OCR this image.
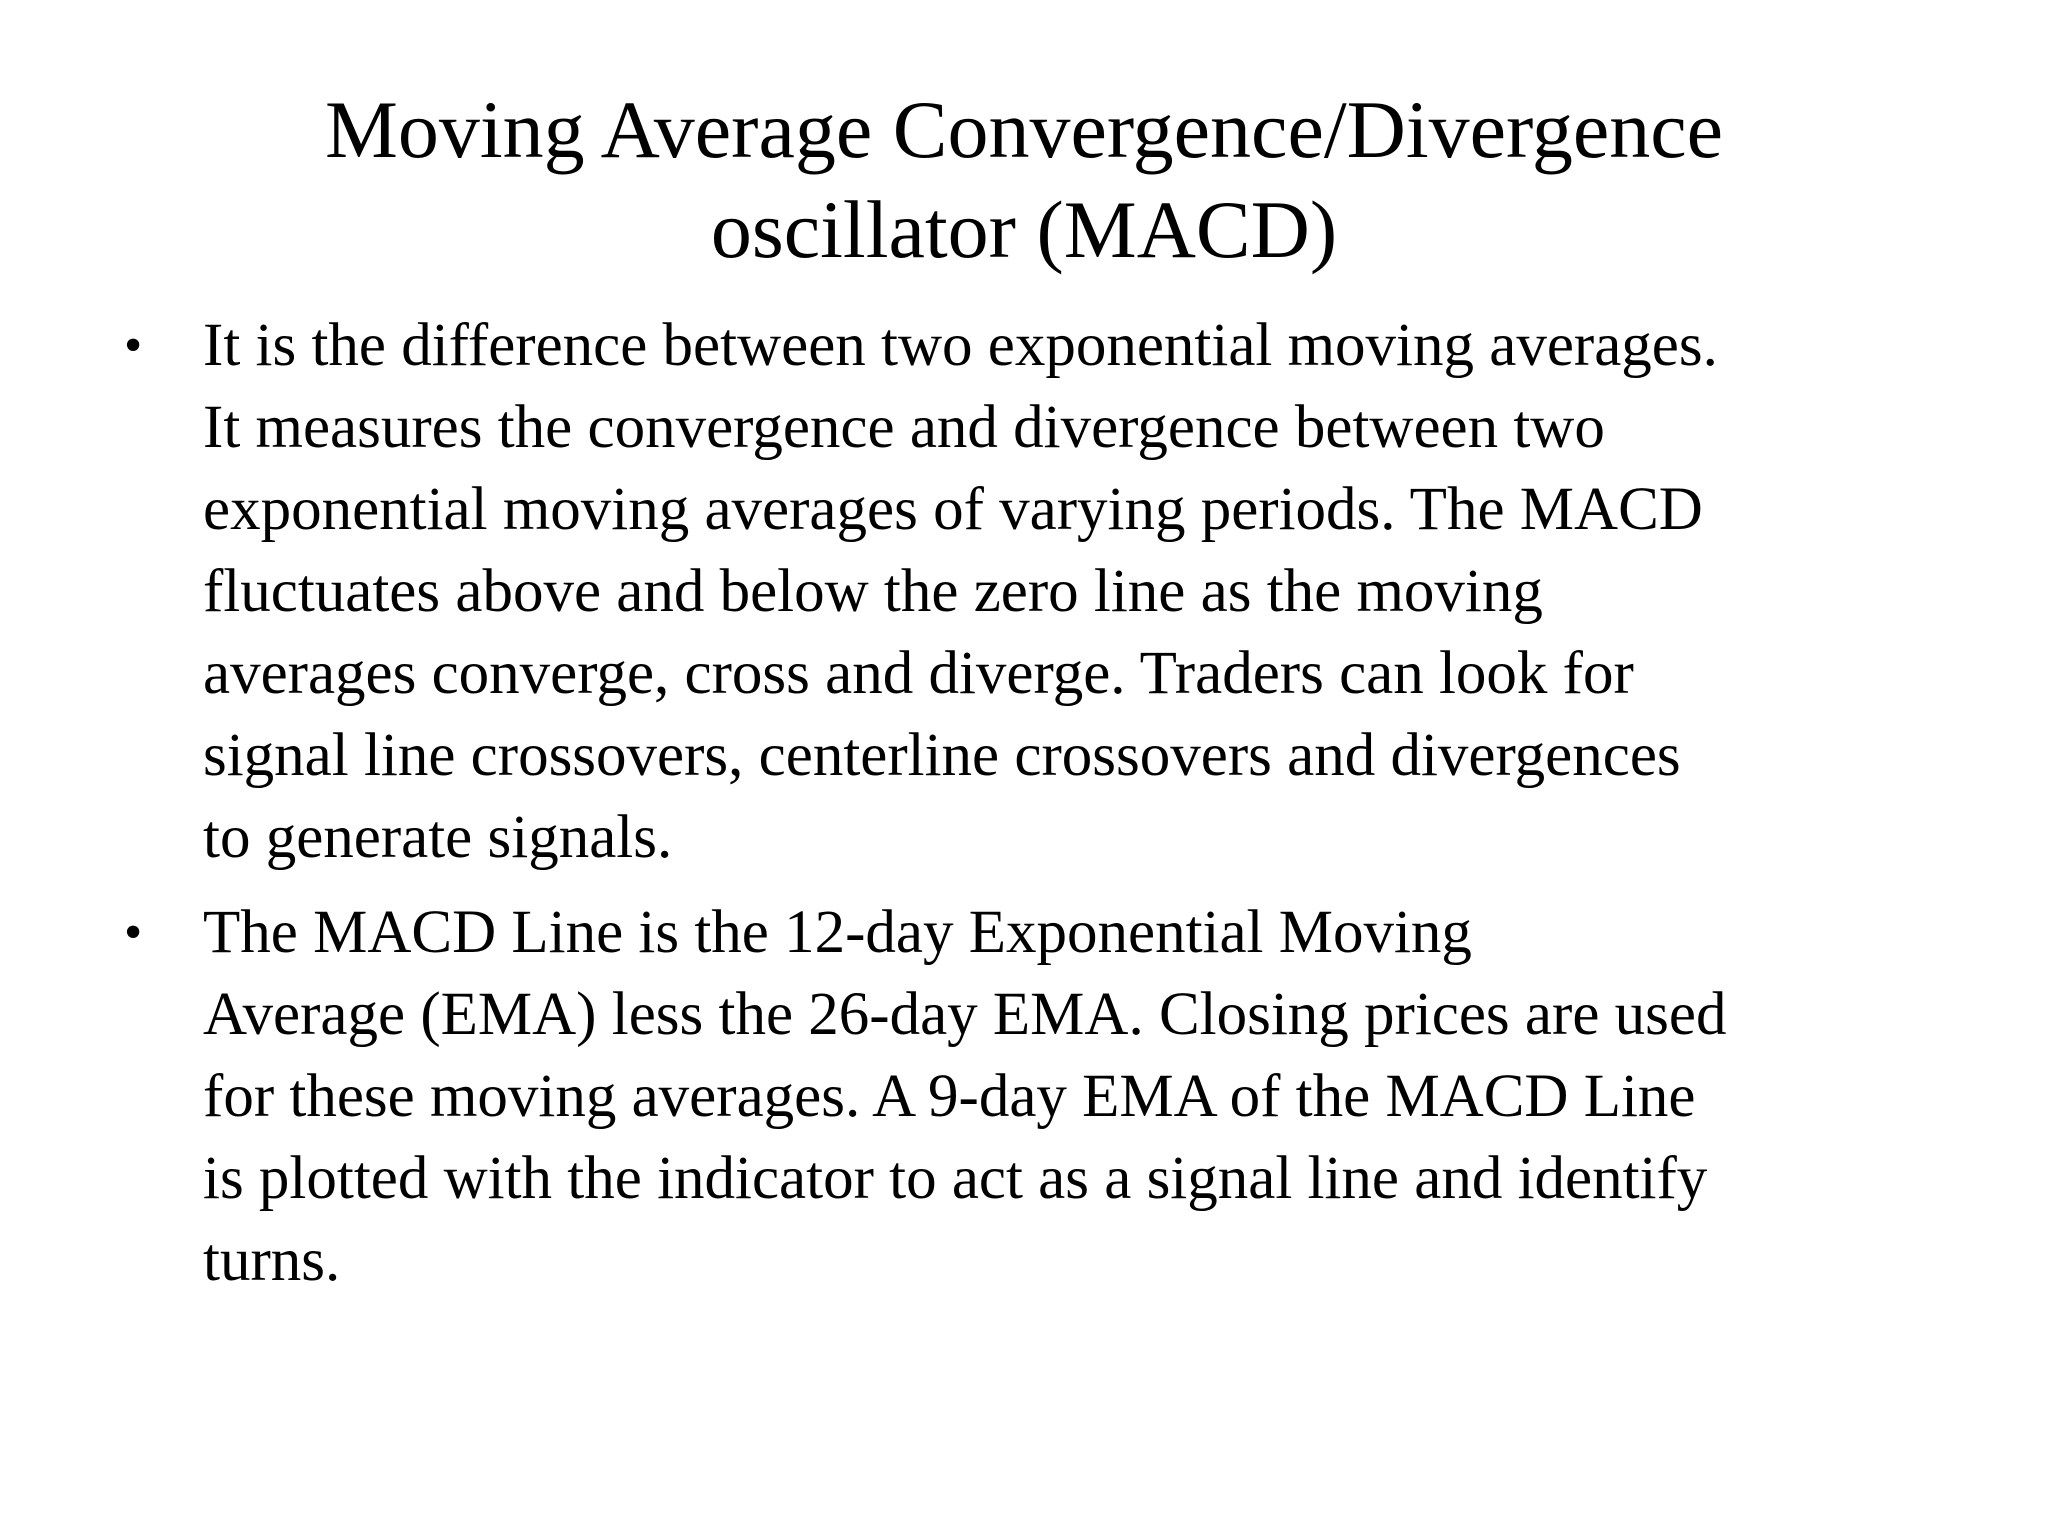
Moving Average Convergence/Divergence
oscillator (MACD)
• It is the difference between two exponential moving averages.
It measures the convergence and divergence between two
exponential moving averages of varying periods. The MACD
fluctuates above and below the zero line as the moving
averages converge, cross and diverge. Traders can look for
signal line crossovers, centerline crossovers and divergences
to generate signals.
• The MACD Line is the 12-day Exponential Moving
Average (EMA) less the 26-day EMA. Closing prices are used
for these moving averages. A 9-day EMA of the MACD Line
is plotted with the indicator to act as a signal line and identify
turns.
